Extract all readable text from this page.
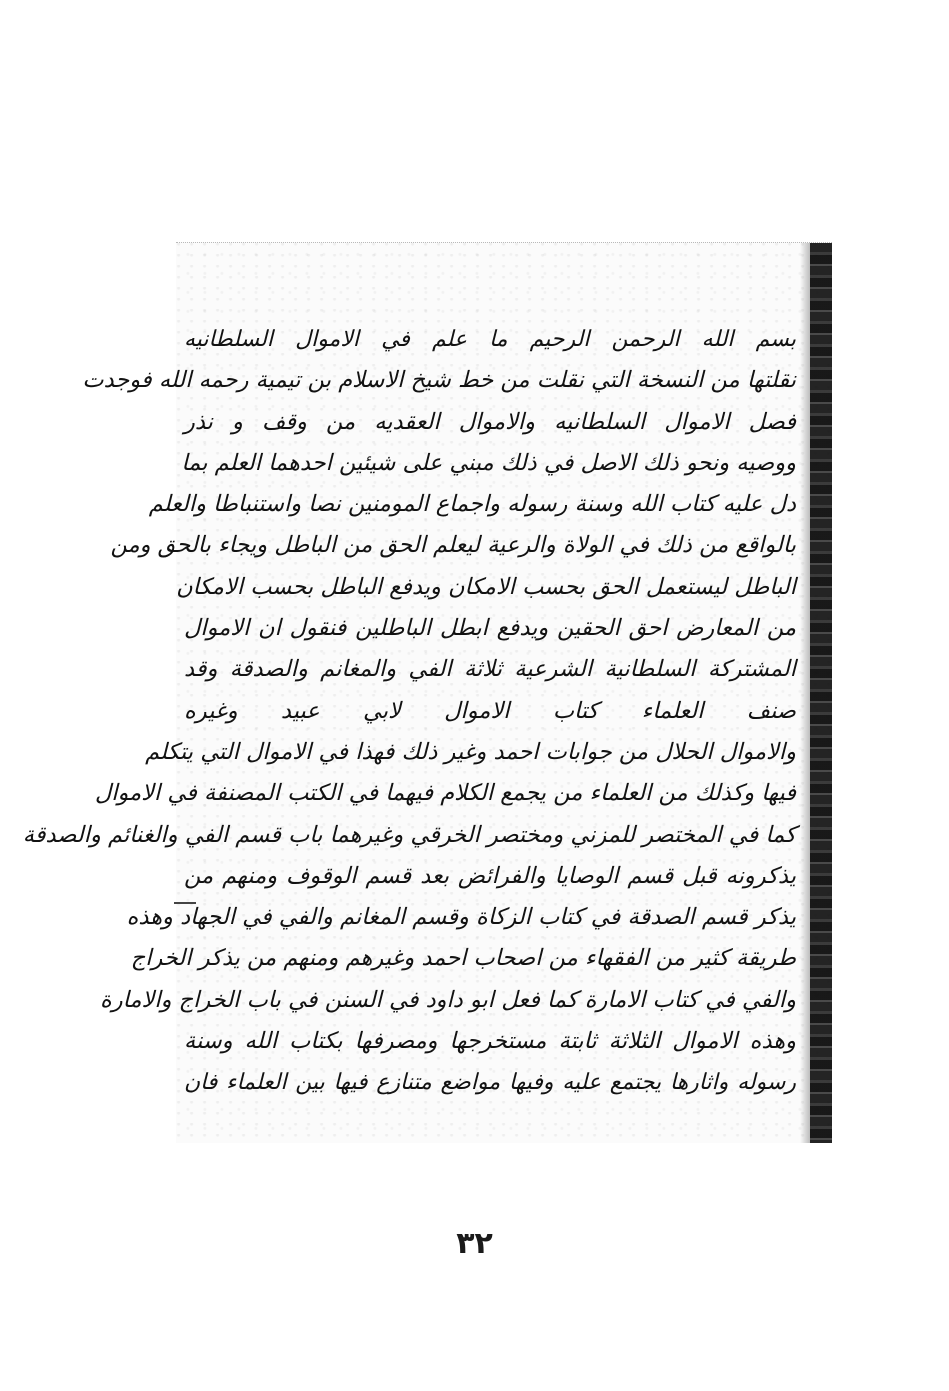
بسم الله الرحمن الرحيم ما علم في الاموال السلطانيه
نقلتها من النسخة التي نقلت من خط شيخ الاسلام بن تيمية رحمه الله فوجدت
فصل الاموال السلطانيه والاموال العقديه من وقف و نذر
ووصيه ونحو ذلك الاصل في ذلك مبني على شيئين احدهما العلم بما
دل عليه كتاب الله وسنة رسوله واجماع المومنين نصا واستنباطا والعلم
بالواقع من ذلك في الولاة والرعية ليعلم الحق من الباطل ويجاء بالحق ومن
الباطل ليستعمل الحق بحسب الامكان ويدفع الباطل بحسب الامكان
من المعارض احق الحقين ويدفع ابطل الباطلين فنقول ان الاموال
المشتركة السلطانية الشرعية ثلاثة الفي والمغانم والصدقة وقد
صنف العلماء كتاب الاموال لابي عبيد وغيره
والاموال الحلال من جوابات احمد وغير ذلك فهذا في الاموال التي يتكلم
فيها وكذلك من العلماء من يجمع الكلام فيهما في الكتب المصنفة في الاموال
كما في المختصر للمزني ومختصر الخرقي وغيرهما باب قسم الفي والغنائم والصدقة
يذكرونه قبل قسم الوصايا والفرائض بعد قسم الوقوف ومنهم من
يذكر قسم الصدقة في كتاب الزكاة وقسم المغانم والفي في الجهاد وهذه
طريقة كثير من الفقهاء من اصحاب احمد وغيرهم ومنهم من يذكر الخراج
والفي في كتاب الامارة كما فعل ابو داود في السنن في باب الخراج والامارة
وهذه الاموال الثلاثة ثابتة مستخرجها ومصرفها بكتاب الله وسنة
رسوله واثارها يجتمع عليه وفيها مواضع متنازع فيها بين العلماء فان
٣٢
